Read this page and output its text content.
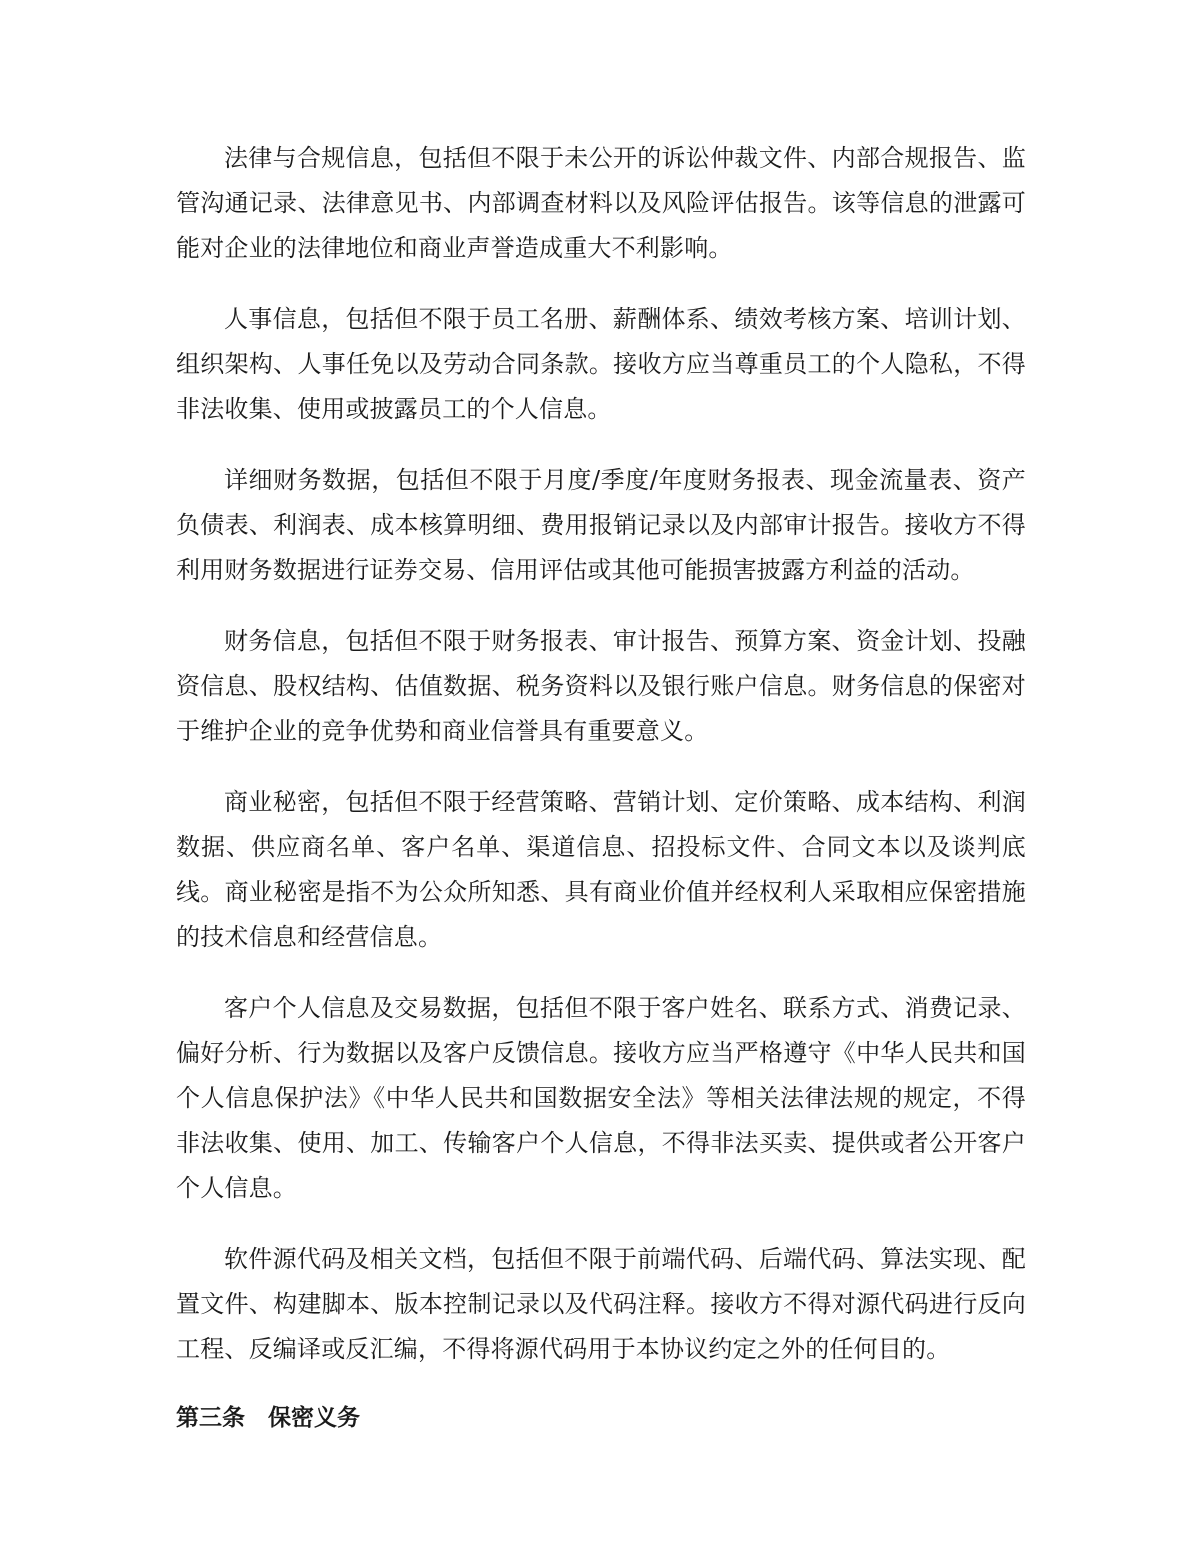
法律与合规信息，包括但不限于未公开的诉讼仲裁文件、内部合规报告、监管沟通记录、法律意见书、内部调查材料以及风险评估报告。该等信息的泄露可能对企业的法律地位和商业声誉造成重大不利影响。

人事信息，包括但不限于员工名册、薪酬体系、绩效考核方案、培训计划、组织架构、人事任免以及劳动合同条款。接收方应当尊重员工的个人隐私，不得非法收集、使用或披露员工的个人信息。

详细财务数据，包括但不限于月度/季度/年度财务报表、现金流量表、资产负债表、利润表、成本核算明细、费用报销记录以及内部审计报告。接收方不得利用财务数据进行证券交易、信用评估或其他可能损害披露方利益的活动。

财务信息，包括但不限于财务报表、审计报告、预算方案、资金计划、投融资信息、股权结构、估值数据、税务资料以及银行账户信息。财务信息的保密对于维护企业的竞争优势和商业信誉具有重要意义。

商业秘密，包括但不限于经营策略、营销计划、定价策略、成本结构、利润数据、供应商名单、客户名单、渠道信息、招投标文件、合同文本以及谈判底线。商业秘密是指不为公众所知悉、具有商业价值并经权利人采取相应保密措施的技术信息和经营信息。

客户个人信息及交易数据，包括但不限于客户姓名、联系方式、消费记录、偏好分析、行为数据以及客户反馈信息。接收方应当严格遵守《中华人民共和国个人信息保护法》《中华人民共和国数据安全法》等相关法律法规的规定，不得非法收集、使用、加工、传输客户个人信息，不得非法买卖、提供或者公开客户个人信息。

软件源代码及相关文档，包括但不限于前端代码、后端代码、算法实现、配置文件、构建脚本、版本控制记录以及代码注释。接收方不得对源代码进行反向工程、反编译或反汇编，不得将源代码用于本协议约定之外的任何目的。

第三条　保密义务
